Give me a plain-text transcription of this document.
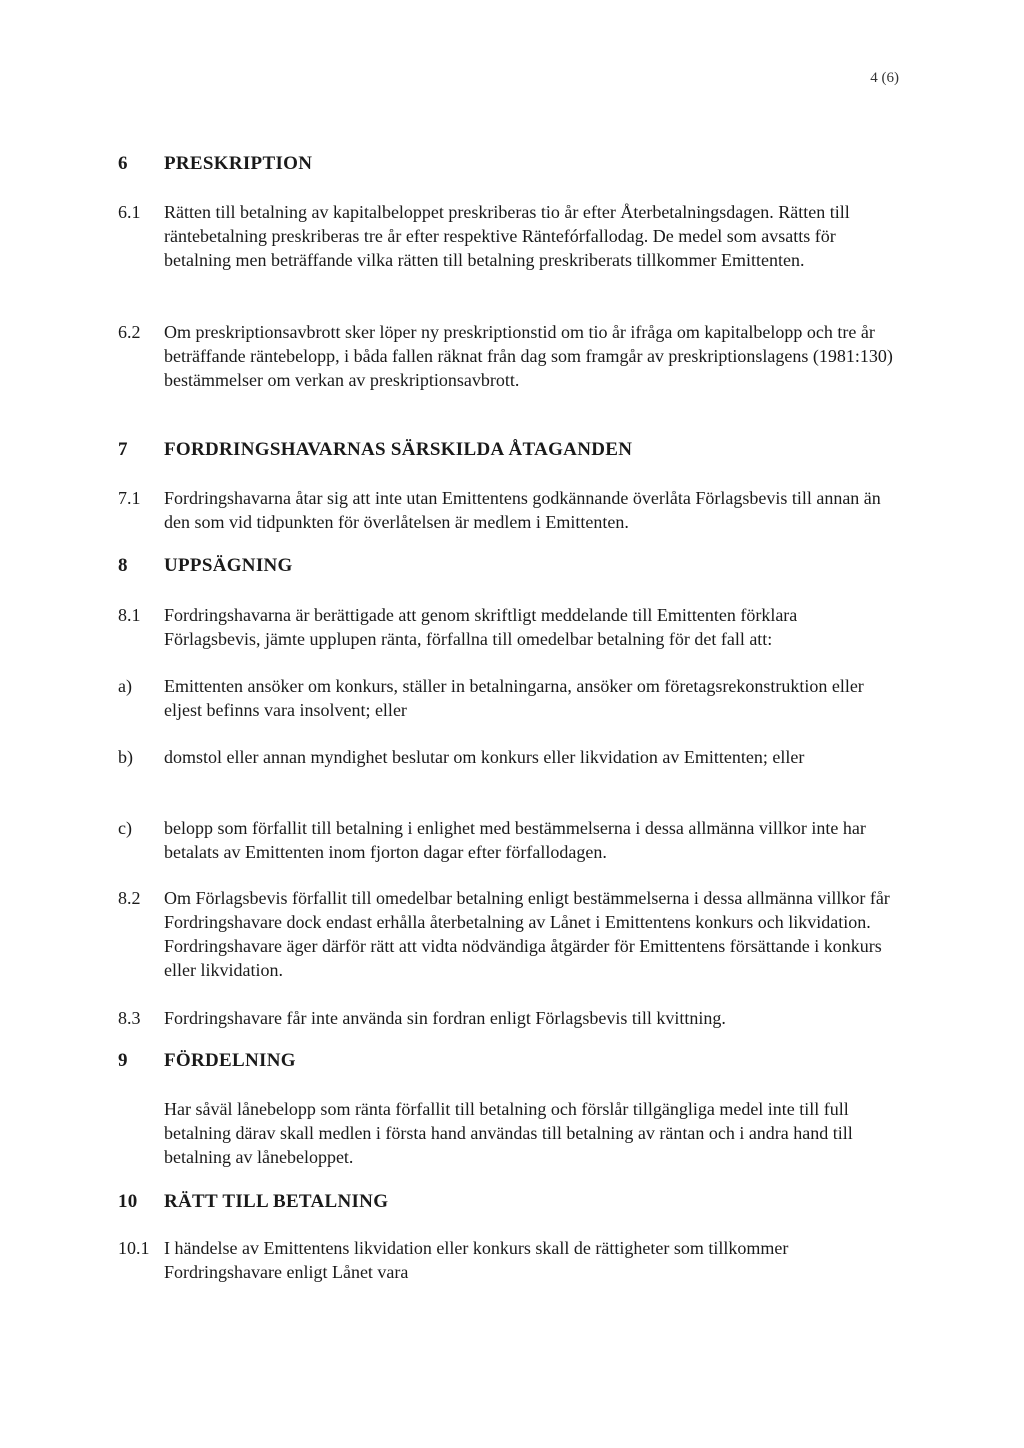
4 (6)
6	PRESKRIPTION
6.1	Rätten till betalning av kapitalbeloppet preskriberas tio år efter Återbetalningsdagen. Rätten till räntebetalning preskriberas tre år efter respektive Räntefórfallodag. De medel som avsatts för betalning men beträffande vilka rätten till betalning preskriberats tillkommer Emittenten.
6.2	Om preskriptionsavbrott sker löper ny preskriptionstid om tio år ifråga om kapitalbelopp och tre år beträffande räntebelopp, i båda fallen räknat från dag som framgår av preskriptionslagens (1981:130) bestämmelser om verkan av preskriptionsavbrott.
7	FORDRINGSHAVARNAS SÄRSKILDA ÅTAGANDEN
7.1	Fordringshavarna åtar sig att inte utan Emittentens godkännande överlåta Förlagsbevis till annan än den som vid tidpunkten för överlåtelsen är medlem i Emittenten.
8	UPPSÄGNING
8.1	Fordringshavarna är berättigade att genom skriftligt meddelande till Emittenten förklara Förlagsbevis, jämte upplupen ränta, förfallna till omedelbar betalning för det fall att:
a)	Emittenten ansöker om konkurs, ställer in betalningarna, ansöker om företagsrekonstruktion eller eljest befinns vara insolvent; eller
b)	domstol eller annan myndighet beslutar om konkurs eller likvidation av Emittenten; eller
c)	belopp som förfallit till betalning i enlighet med bestämmelserna i dessa allmänna villkor inte har betalats av Emittenten inom fjorton dagar efter förfallodagen.
8.2	Om Förlagsbevis förfallit till omedelbar betalning enligt bestämmelserna i dessa allmänna villkor får Fordringshavare dock endast erhålla återbetalning av Lånet i Emittentens konkurs och likvidation. Fordringshavare äger därför rätt att vidta nödvändiga åtgärder för Emittentens försättande i konkurs eller likvidation.
8.3	Fordringshavare får inte använda sin fordran enligt Förlagsbevis till kvittning.
9	FÖRDELNING
Har såväl lånebelopp som ränta förfallit till betalning och förslår tillgängliga medel inte till full betalning därav skall medlen i första hand användas till betalning av räntan och i andra hand till betalning av lånebeloppet.
10	RÄTT TILL BETALNING
10.1 I händelse av Emittentens likvidation eller konkurs skall de rättigheter som tillkommer Fordringshavare enligt Lånet vara
